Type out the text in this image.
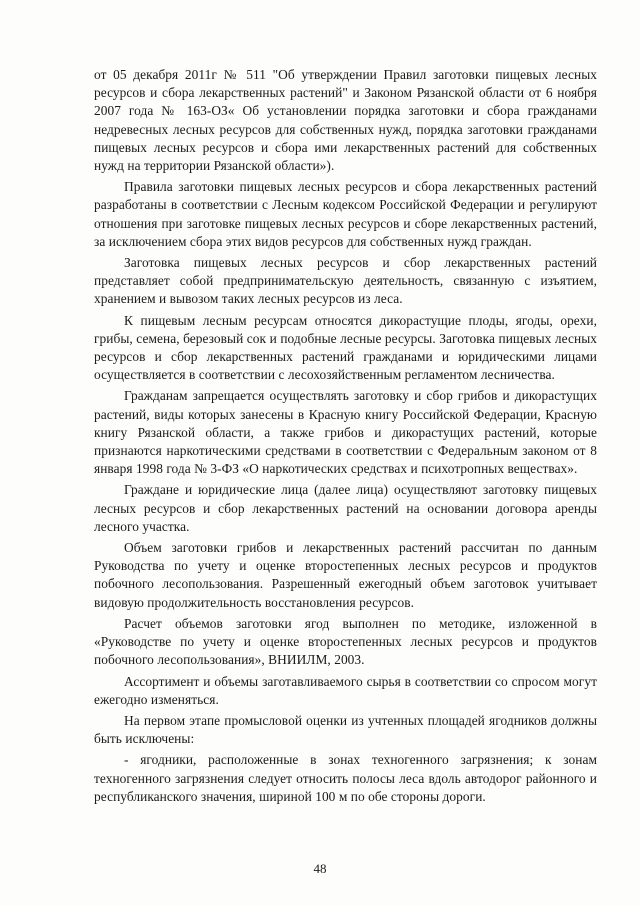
от 05 декабря 2011г № 511 "Об утверждении Правил заготовки пищевых лесных ресурсов и сбора лекарственных растений" и Законом Рязанской области от 6 ноября 2007 года № 163-ОЗ« Об установлении порядка заготовки и сбора гражданами недревесных лесных ресурсов для собственных нужд, порядка заготовки гражданами пищевых лесных ресурсов и сбора ими лекарственных растений для собственных нужд на территории Рязанской области»).

Правила заготовки пищевых лесных ресурсов и сбора лекарственных растений разработаны в соответствии с Лесным кодексом Российской Федерации и регулируют отношения при заготовке пищевых лесных ресурсов и сборе лекарственных растений, за исключением сбора этих видов ресурсов для собственных нужд граждан.

Заготовка пищевых лесных ресурсов и сбор лекарственных растений представляет собой предпринимательскую деятельность, связанную с изъятием, хранением и вывозом таких лесных ресурсов из леса.

К пищевым лесным ресурсам относятся дикорастущие плоды, ягоды, орехи, грибы, семена, березовый сок и подобные лесные ресурсы. Заготовка пищевых лесных ресурсов и сбор лекарственных растений гражданами и юридическими лицами осуществляется в соответствии с лесохозяйственным регламентом лесничества.

Гражданам запрещается осуществлять заготовку и сбор грибов и дикорастущих растений, виды которых занесены в Красную книгу Российской Федерации, Красную книгу Рязанской области, а также грибов и дикорастущих растений, которые признаются наркотическими средствами в соответствии с Федеральным законом от 8 января 1998 года № 3-ФЗ «О наркотических средствах и психотропных веществах».

Граждане и юридические лица (далее лица) осуществляют заготовку пищевых лесных ресурсов и сбор лекарственных растений на основании договора аренды лесного участка.

Объем заготовки грибов и лекарственных растений рассчитан по данным Руководства по учету и оценке второстепенных лесных ресурсов и продуктов побочного лесопользования. Разрешенный ежегодный объем заготовок учитывает видовую продолжительность восстановления ресурсов.

Расчет объемов заготовки ягод выполнен по методике, изложенной в «Руководстве по учету и оценке второстепенных лесных ресурсов и продуктов побочного лесопользования», ВНИИЛМ, 2003.

Ассортимент и объемы заготавливаемого сырья в соответствии со спросом могут ежегодно изменяться.

На первом этапе промысловой оценки из учтенных площадей ягодников должны быть исключены:

- ягодники, расположенные в зонах техногенного загрязнения; к зонам техногенного загрязнения следует относить полосы леса вдоль автодорог районного и республиканского значения, шириной 100 м по обе стороны дороги.

48
